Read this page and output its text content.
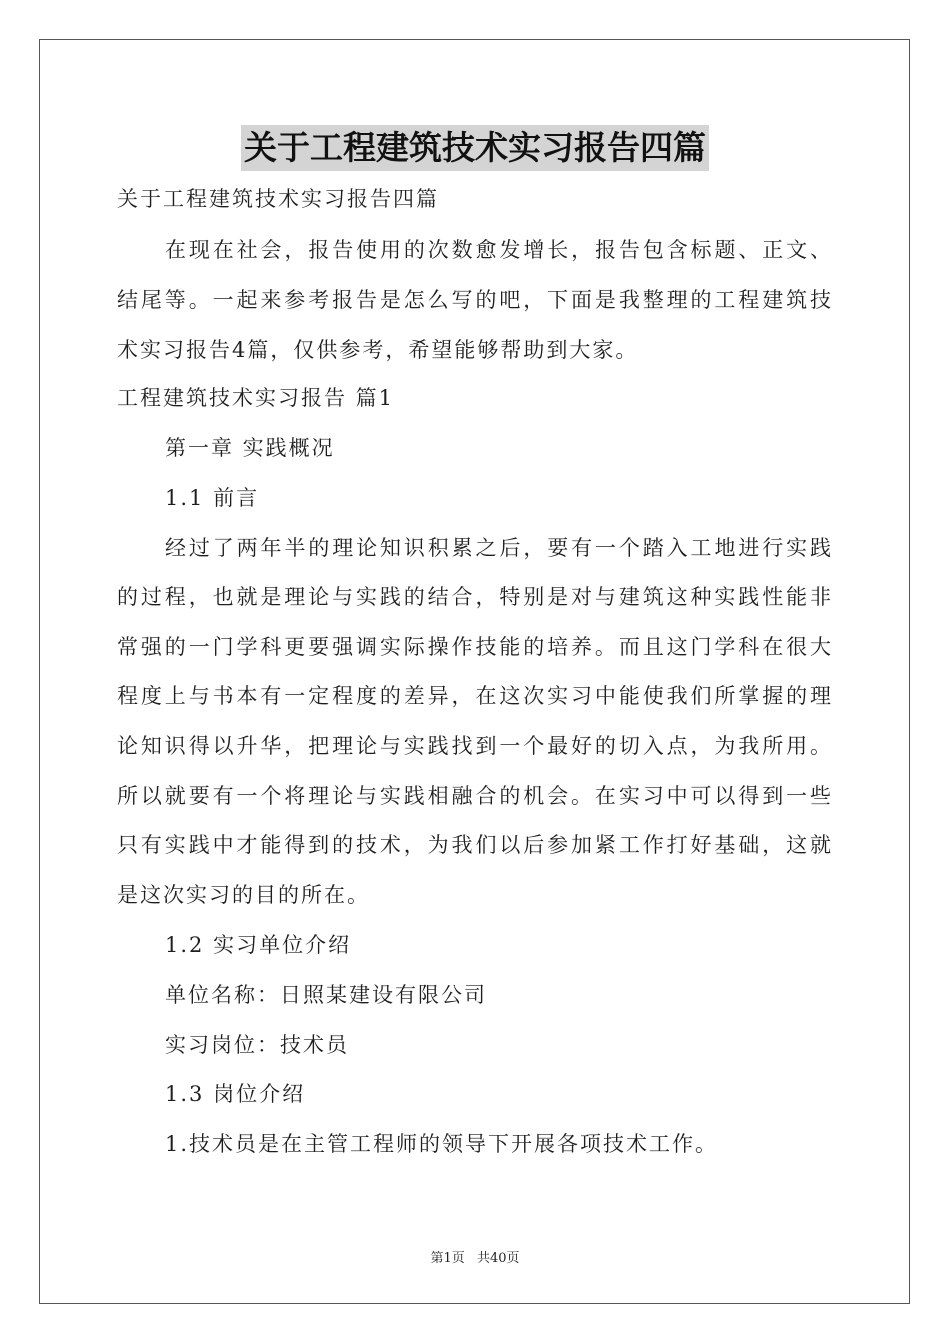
关于工程建筑技术实习报告四篇
关于工程建筑技术实习报告四篇
在现在社会，报告使用的次数愈发增长，报告包含标题、正文、
结尾等。一起来参考报告是怎么写的吧，下面是我整理的工程建筑技
术实习报告4篇，仅供参考，希望能够帮助到大家。
工程建筑技术实习报告 篇1
第一章 实践概况
1.1 前言
经过了两年半的理论知识积累之后，要有一个踏入工地进行实践
的过程，也就是理论与实践的结合，特别是对与建筑这种实践性能非
常强的一门学科更要强调实际操作技能的培养。而且这门学科在很大
程度上与书本有一定程度的差异，在这次实习中能使我们所掌握的理
论知识得以升华，把理论与实践找到一个最好的切入点，为我所用。
所以就要有一个将理论与实践相融合的机会。在实习中可以得到一些
只有实践中才能得到的技术，为我们以后参加紧工作打好基础，这就
是这次实习的目的所在。
1.2 实习单位介绍
单位名称：日照某建设有限公司
实习岗位：技术员
1.3 岗位介绍
1.技术员是在主管工程师的领导下开展各项技术工作。
第1页 共40页
